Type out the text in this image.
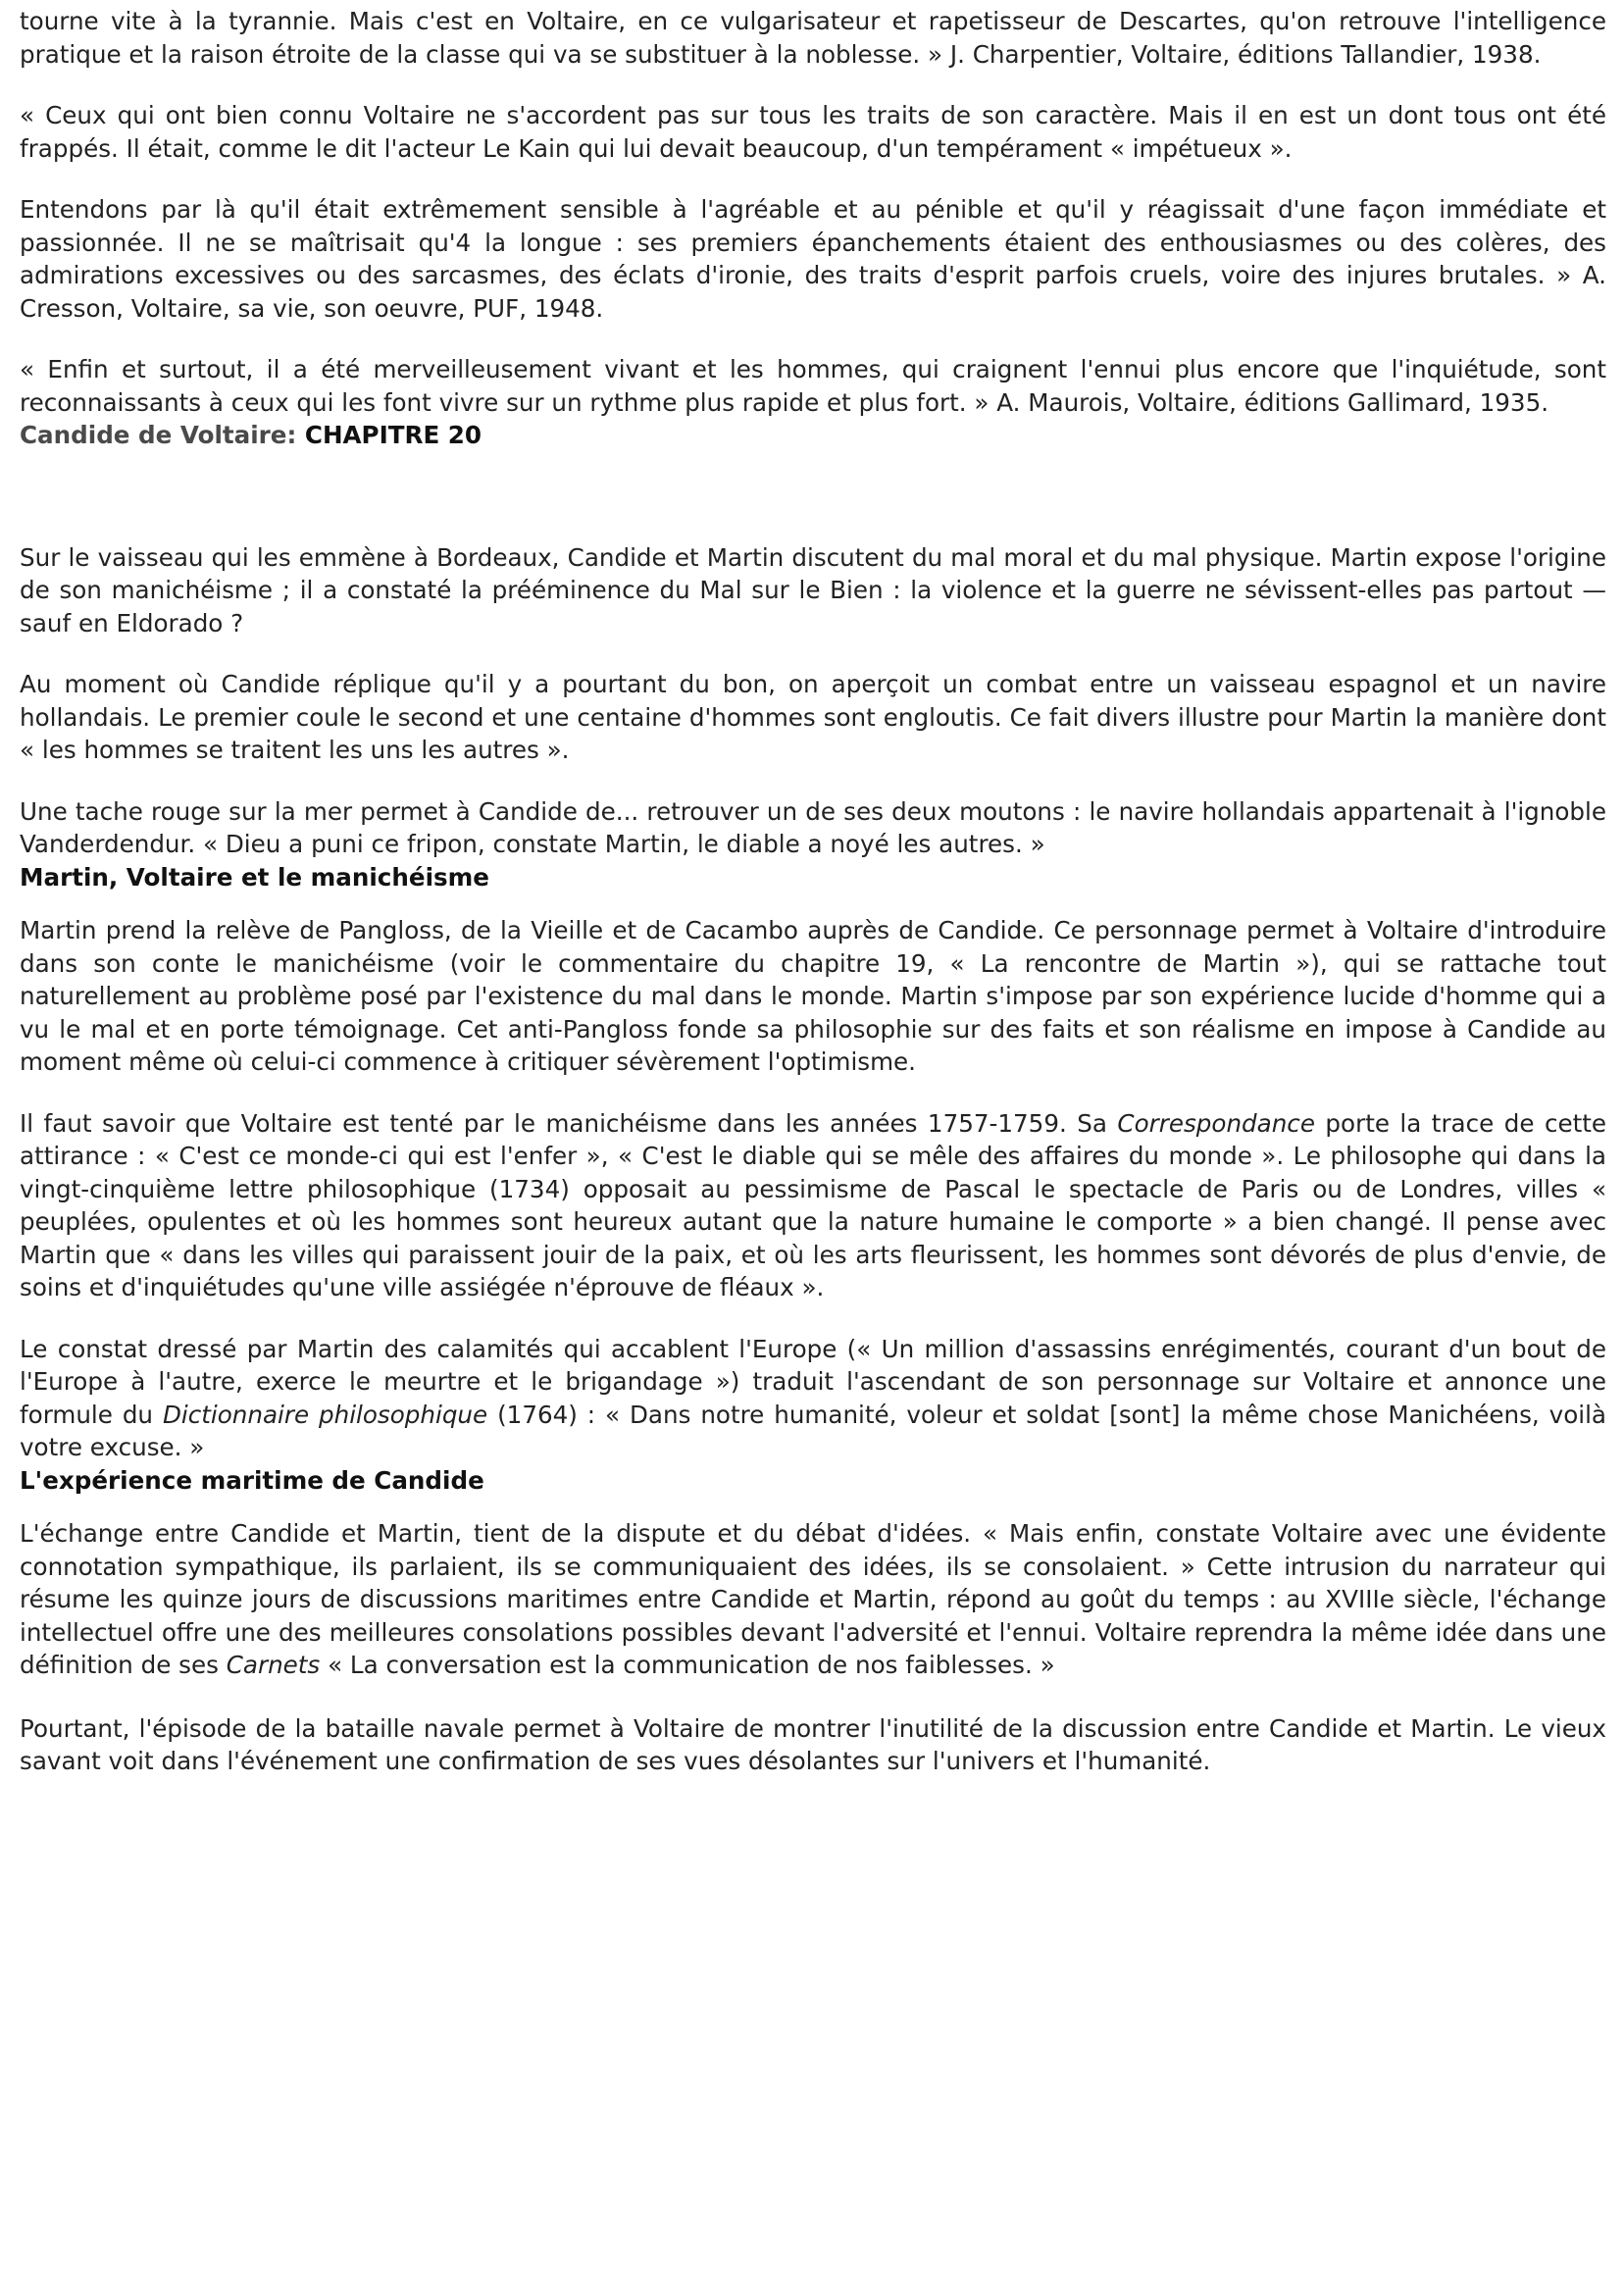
tourne vite à la tyrannie. Mais c'est en Voltaire, en ce vulgarisateur et rapetisseur de Descartes, qu'on retrouve l'intelligence pratique et la raison étroite de la classe qui va se substituer à la noblesse. » J. Charpentier, Voltaire, éditions Tallandier, 1938.

« Ceux qui ont bien connu Voltaire ne s'accordent pas sur tous les traits de son caractère. Mais il en est un dont tous ont été frappés. Il était, comme le dit l'acteur Le Kain qui lui devait beaucoup, d'un tempérament « impétueux ».

Entendons par là qu'il était extrêmement sensible à l'agréable et au pénible et qu'il y réagissait d'une façon immédiate et passionnée. Il ne se maîtrisait qu'4 la longue : ses premiers épanchements étaient des enthousiasmes ou des colères, des admirations excessives ou des sarcasmes, des éclats d'ironie, des traits d'esprit parfois cruels, voire des injures brutales. » A. Cresson, Voltaire, sa vie, son oeuvre, PUF, 1948.

« Enfin et surtout, il a été merveilleusement vivant et les hommes, qui craignent l'ennui plus encore que l'inquiétude, sont reconnaissants à ceux qui les font vivre sur un rythme plus rapide et plus fort. » A. Maurois, Voltaire, éditions Gallimard, 1935.

Candide de Voltaire: CHAPITRE 20

Sur le vaisseau qui les emmène à Bordeaux, Candide et Martin discutent du mal moral et du mal physique. Martin expose l'origine de son manichéisme ; il a constaté la prééminence du Mal sur le Bien : la violence et la guerre ne sévissent-elles pas partout — sauf en Eldorado ?

Au moment où Candide réplique qu'il y a pourtant du bon, on aperçoit un combat entre un vaisseau espagnol et un navire hollandais. Le premier coule le second et une centaine d'hommes sont engloutis. Ce fait divers illustre pour Martin la manière dont « les hommes se traitent les uns les autres ».

Une tache rouge sur la mer permet à Candide de... retrouver un de ses deux moutons : le navire hollandais appartenait à l'ignoble Vanderdendur. « Dieu a puni ce fripon, constate Martin, le diable a noyé les autres. »

Martin, Voltaire et le manichéisme

Martin prend la relève de Pangloss, de la Vieille et de Cacambo auprès de Candide. Ce personnage permet à Voltaire d'introduire dans son conte le manichéisme (voir le commentaire du chapitre 19, « La rencontre de Martin »), qui se rattache tout naturellement au problème posé par l'existence du mal dans le monde. Martin s'impose par son expérience lucide d'homme qui a vu le mal et en porte témoignage. Cet anti-Pangloss fonde sa philosophie sur des faits et son réalisme en impose à Candide au moment même où celui-ci commence à critiquer sévèrement l'optimisme.

Il faut savoir que Voltaire est tenté par le manichéisme dans les années 1757-1759. Sa Correspondance porte la trace de cette attirance : « C'est ce monde-ci qui est l'enfer », « C'est le diable qui se mêle des affaires du monde ». Le philosophe qui dans la vingt-cinquième lettre philosophique (1734) opposait au pessimisme de Pascal le spectacle de Paris ou de Londres, villes « peuplées, opulentes et où les hommes sont heureux autant que la nature humaine le comporte » a bien changé. Il pense avec Martin que « dans les villes qui paraissent jouir de la paix, et où les arts fleurissent, les hommes sont dévorés de plus d'envie, de soins et d'inquiétudes qu'une ville assiégée n'éprouve de fléaux ».

Le constat dressé par Martin des calamités qui accablent l'Europe (« Un million d'assassins enrégimentés, courant d'un bout de l'Europe à l'autre, exerce le meurtre et le brigandage ») traduit l'ascendant de son personnage sur Voltaire et annonce une formule du Dictionnaire philosophique (1764) : « Dans notre humanité, voleur et soldat [sont] la même chose Manichéens, voilà votre excuse. »

L'expérience maritime de Candide

L'échange entre Candide et Martin, tient de la dispute et du débat d'idées. « Mais enfin, constate Voltaire avec une évidente connotation sympathique, ils parlaient, ils se communiquaient des idées, ils se consolaient. » Cette intrusion du narrateur qui résume les quinze jours de discussions maritimes entre Candide et Martin, répond au goût du temps : au XVIIIe siècle, l'échange intellectuel offre une des meilleures consolations possibles devant l'adversité et l'ennui. Voltaire reprendra la même idée dans une définition de ses Carnets « La conversation est la communication de nos faiblesses. »

Pourtant, l'épisode de la bataille navale permet à Voltaire de montrer l'inutilité de la discussion entre Candide et Martin. Le vieux savant voit dans l'événement une confirmation de ses vues désolantes sur l'univers et l'humanité.
